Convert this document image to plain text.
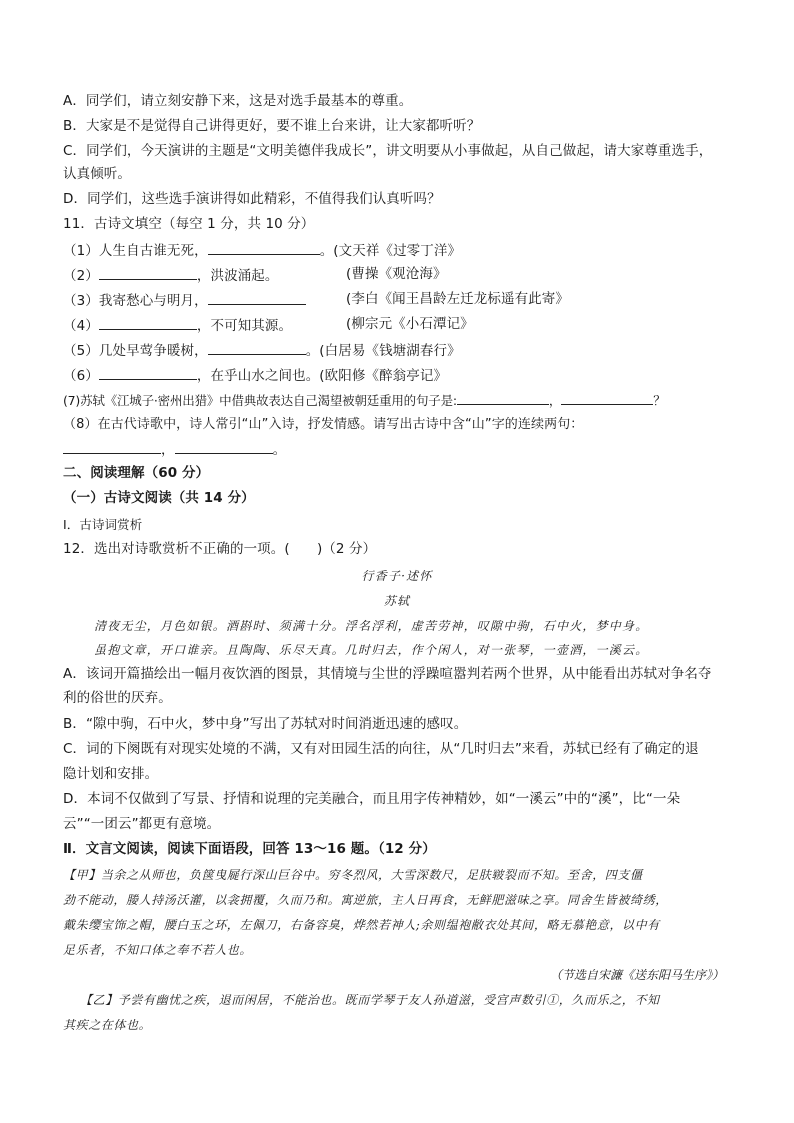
A．同学们，请立刻安静下来，这是对选手最基本的尊重。
B．大家是不是觉得自己讲得更好，要不谁上台来讲，让大家都听听？
C．同学们，今天演讲的主题是“文明美德伴我成长”，讲文明要从小事做起，从自己做起，请大家尊重选手，
认真倾听。
D．同学们，这些选手演讲得如此精彩，不值得我们认真听吗？
11．古诗文填空（每空 1 分，共 10 分）
（1）人生自古谁无死，	。(文天祥《过零丁洋》
（2）	，洪波涌起。	(曹操《观沧海》
（3）我寄愁心与明月，	(李白《闻王昌龄左迁龙标遥有此寄》
（4）	，不可知其源。	(柳宗元《小石潭记》
（5）几处早莺争暖树，	。(白居易《钱塘湖春行》
（6）	，在乎山水之间也。(欧阳修《醉翁亭记》
(7)苏轼《江城子·密州出猎》中借典故表达自己渴望被朝廷重用的句子是:	，	？
（8）在古代诗歌中，诗人常引“山”入诗，抒发情感。请写出古诗中含“山”字的连续两句：
，	。
二、阅读理解（60 分）
（一）古诗文阅读（共 14 分）
Ⅰ．古诗词赏析
12．选出对诗歌赏析不正确的一项。(　　)（2 分）
行香子·述怀
苏轼
清夜无尘，月色如银。酒斟时、须满十分。浮名浮利，虚苦劳神，叹隙中驹，石中火，梦中身。
虽抱文章，开口谁亲。且陶陶、乐尽天真。几时归去，作个闲人，对一张琴，一壶酒，一溪云。
A．该词开篇描绘出一幅月夜饮酒的图景，其情境与尘世的浮躁喧嚣判若两个世界，从中能看出苏轼对争名夺
利的俗世的厌弃。
B．“隙中驹，石中火，梦中身”写出了苏轼对时间消逝迅速的感叹。
C．词的下阕既有对现实处境的不满，又有对田园生活的向往，从“几时归去”来看，苏轼已经有了确定的退
隐计划和安排。
D．本词不仅做到了写景、抒情和说理的完美融合，而且用字传神精妙，如“一溪云”中的“溪”，比“一朵
云”“一团云”都更有意境。
Ⅱ．文言文阅读，阅读下面语段，回答 13～16 题。（12 分）
【甲】当余之从师也，负箧曳屣行深山巨谷中。穷冬烈风，大雪深数尺，足肤皲裂而不知。至舍，四支僵
劲不能动，媵人持汤沃灌，以衾拥覆，久而乃和。寓逆旅，主人日再食，无鲜肥滋味之享。同舍生皆被绮绣，
戴朱缨宝饰之帽，腰白玉之环，左佩刀，右备容臭，烨然若神人;余则缊袍敝衣处其间，略无慕艳意，以中有
足乐者，不知口体之奉不若人也。
（节选自宋濂《送东阳马生序》）
【乙】予尝有幽忧之疾，退而闲居，不能治也。既而学琴于友人孙道滋，受宫声数引①，久而乐之，不知
其疾之在体也。
